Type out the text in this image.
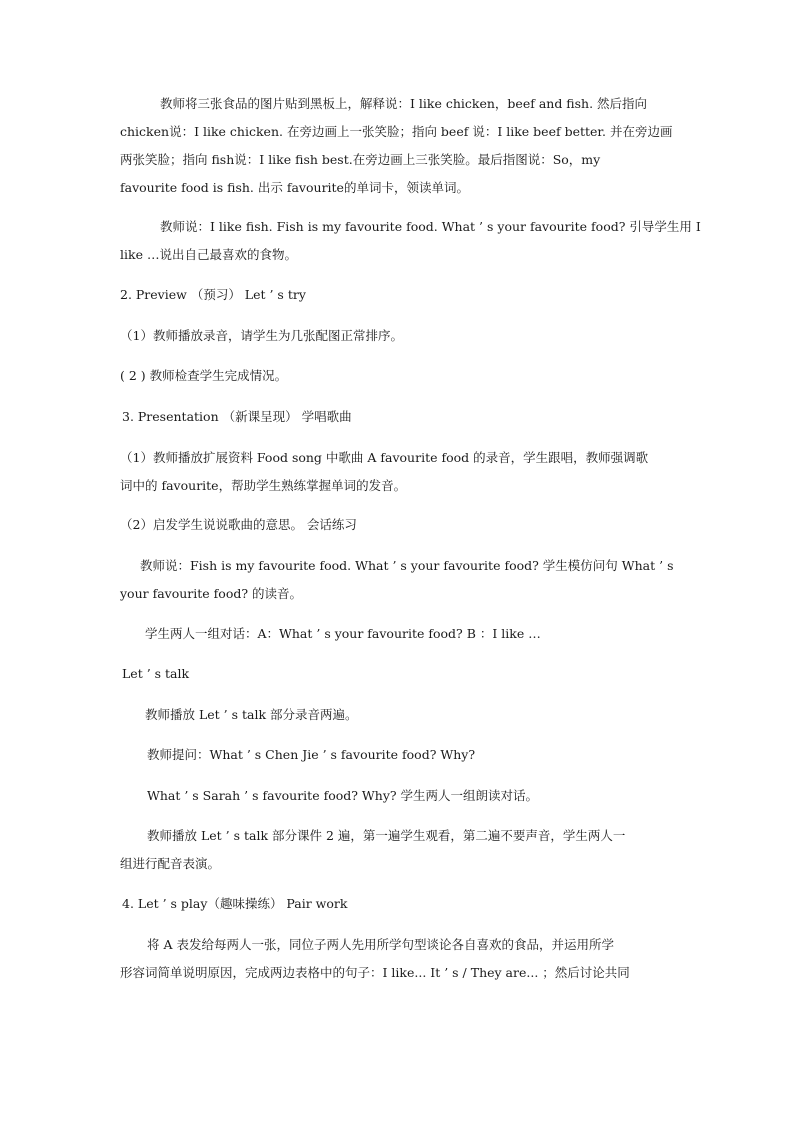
教师将三张食品的图片贴到黑板上，解释说：I like chicken，beef and fish. 然后指向
chicken说：I like chicken. 在旁边画上一张笑脸；指向 beef 说：I like beef better. 并在旁边画
两张笑脸；指向 fish说：I like fish best.在旁边画上三张笑脸。最后指图说：So，my
favourite food is fish. 出示 favourite的单词卡，领读单词。
教师说：I like fish. Fish is my favourite food. What ’ s your favourite food? 引导学生用 I
like …说出自己最喜欢的食物。
2. Preview （预习） Let ’ s try
（1）教师播放录音，请学生为几张配图正常排序。
( 2 ) 教师检查学生完成情况。
3. Presentation （新课呈现） 学唱歌曲
（1）教师播放扩展资料 Food song 中歌曲 A favourite food 的录音，学生跟唱，教师强调歌
词中的 favourite，帮助学生熟练掌握单词的发音。
（2）启发学生说说歌曲的意思。 会话练习
教师说：Fish is my favourite food. What ’ s your favourite food? 学生模仿问句 What ’ s
your favourite food? 的读音。
学生两人一组对话：A：What ’ s your favourite food? B ：I like …
Let ’ s talk
教师播放 Let ’ s talk 部分录音两遍。
教师提问：What ’ s Chen Jie ’ s favourite food? Why?
What ’ s Sarah ’ s favourite food? Why? 学生两人一组朗读对话。
教师播放 Let ’ s talk 部分课件 2 遍，第一遍学生观看，第二遍不要声音，学生两人一
组进行配音表演。
4. Let ’ s play（趣味操练） Pair work
将 A 表发给每两人一张，同位子两人先用所学句型谈论各自喜欢的食品，并运用所学
形容词简单说明原因，完成两边表格中的句子：I like... It ’ s / They are... ；然后讨论共同
